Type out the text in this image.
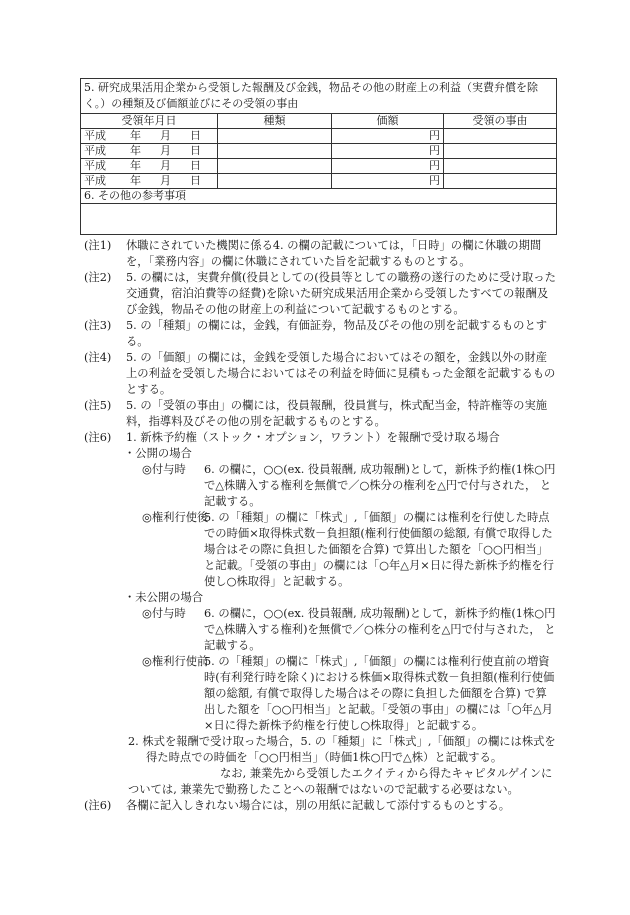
5. 研究成果活用企業から受領した報酬及び金銭，物品その他の財産上の利益（実費弁償を除く。）の種類及び価額並びにその受領の事由			
受領年月日	種類	価額	受領の事由
平成 年 月 日		円	
平成 年 月 日		円	
平成 年 月 日		円	
平成 年 月 日		円	
6. その他の参考事項			

(注1) 休職にされていた機関に係る4. の欄の記載については，「日時」の欄に休職の期間を，「業務内容」の欄に休職にされていた旨を記載するものとする。

(注2) 5. の欄には，実費弁償(役員としての(役員等としての職務の遂行のために受け取った交通費，宿泊泊費等の経費)を除いた研究成果活用企業から受領したすべての報酬及び金銭，物品その他の財産上の利益について記載するものとする。

(注3) 5. の「種類」の欄には，金銭，有価証券，物品及びその他の別を記載するものとする。

(注4) 5. の「価額」の欄には，金銭を受領した場合においてはその額を，金銭以外の財産上の利益を受領した場合においてはその利益を時価に見積もった金額を記載するものとする。

(注5) 5. の「受領の事由」の欄には，役員報酬，役員賞与，株式配当金，特許権等の実施料，指導料及びその他の別を記載するものとする。

(注6) 1. 新株予約権（ストック・オプション，ワラント）を報酬で受け取る場合

・公開の場合

◎付与時 6. の欄に，○○(ex. 役員報酬, 成功報酬)として，新株予約権(1株○円で△株購入する権利を無償で／○株分の権利を△円で付与された， と記載する。

◎権利行使後
5. の「種類」の欄に「株式」,「価額」の欄には権利を行使した時点での時価×取得株式数－負担額(権利行使価額の総額, 有償で取得した場合はその際に負担した価額を合算) で算出した額を「○○円相当」と記載。「受領の事由」の欄には「○年△月×日に得た新株予約権を行使し○株取得」と記載する。

・未公開の場合

◎付与時 6. の欄に，○○(ex. 役員報酬, 成功報酬)として，新株予約権(1株○円で△株購入する権利)を無償で／○株分の権利を△円で付与された， と記載する。

◎権利行使前
5. の「種類」の欄に「株式」,「価額」の欄には権利行使直前の増資時(有利発行時を除く)における株価×取得株式数－負担額(権利行使価額の総額, 有償で取得した場合はその際に負担した価額を合算) で算出した額を「○○円相当」と記載。「受領の事由」の欄には「○年△月×日に得た新株予約権を行使し○株取得」と記載する。

2. 株式を報酬で受け取った場合，5. の「種類」に「株式」,「価額」の欄には株式を得た時点での時価を「○○円相当」（時価1株○円で△株）と記載する。

なお, 兼業先から受領したエクイティから得たキャピタルゲインについては, 兼業先で勤務したことへの報酬ではないので記載する必要はない。

(注6) 各欄に記入しきれない場合には，別の用紙に記載して添付するものとする。
